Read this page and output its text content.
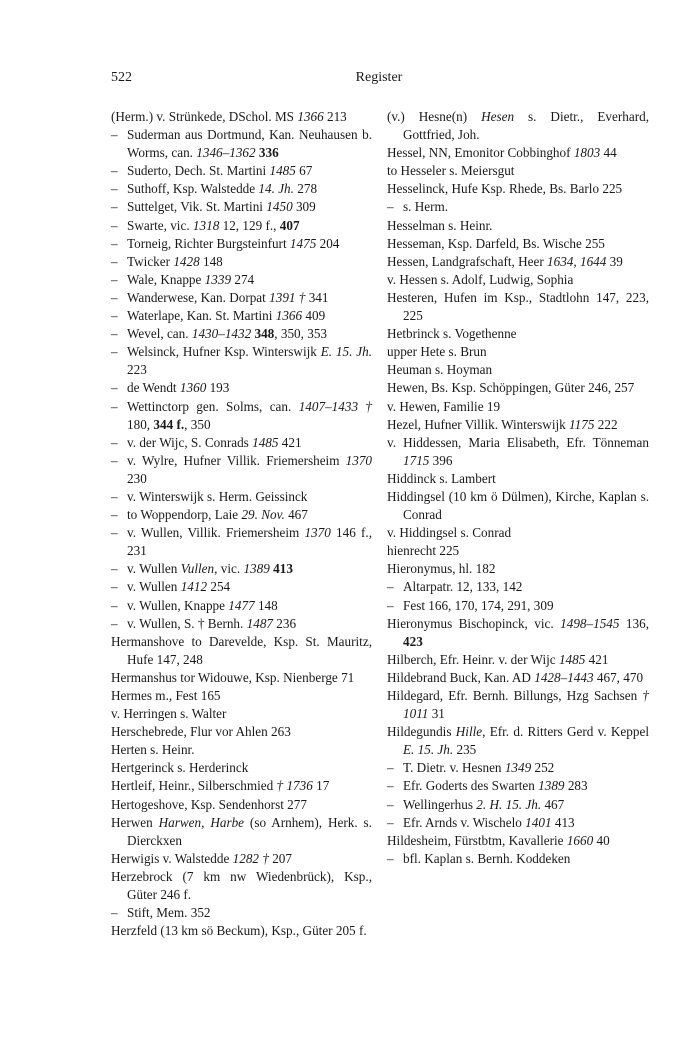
522	Register

(Herm.) v. Strünkede, DSchol. MS 1366 213

– Suderman aus Dortmund, Kan. Neuhausen b. Worms, can. 1346–1362 336

– Suderto, Dech. St. Martini 1485 67

– Suthoff, Ksp. Walstedde 14. Jh. 278

– Suttelget, Vik. St. Martini 1450 309

– Swarte, vic. 1318 12, 129 f., 407

– Torneig, Richter Burgsteinfurt 1475 204

– Twicker 1428 148

– Wale, Knappe 1339 274

– Wanderwese, Kan. Dorpat 1391 † 341

– Waterlape, Kan. St. Martini 1366 409

– Wevel, can. 1430–1432 348, 350, 353

– Welsinck, Hufner Ksp. Winterswijk E. 15. Jh. 223

– de Wendt 1360 193

– Wettinctorp gen. Solms, can. 1407–1433 † 180, 344 f., 350

– v. der Wijc, S. Conrads 1485 421

– v. Wylre, Hufner Villik. Friemersheim 1370 230

– v. Winterswijk s. Herm. Geissinck

– to Woppendorp, Laie 29. Nov. 467

– v. Wullen, Villik. Friemersheim 1370 146 f., 231

– v. Wullen Vullen, vic. 1389 413

– v. Wullen 1412 254

– v. Wullen, Knappe 1477 148

– v. Wullen, S. † Bernh. 1487 236

Hermanshove to Darevelde, Ksp. St. Mauritz, Hufe 147, 248

Hermanshus tor Widouwe, Ksp. Nienberge 71

Hermes m., Fest 165

v. Herringen s. Walter

Herschebrede, Flur vor Ahlen 263

Herten s. Heinr.

Hertgerinck s. Herderinck

Hertleif, Heinr., Silberschmied † 1736 17

Hertogeshove, Ksp. Sendenhorst 277

Herwen Harwen, Harbe (so Arnhem), Herk. s. Dierckxen

Herwigis v. Walstedde 1282 † 207

Herzebrock (7 km nw Wiedenbrück), Ksp., Güter 246 f.

– Stift, Mem. 352

Herzfeld (13 km sö Beckum), Ksp., Güter 205 f.

(v.) Hesne(n) Hesen s. Dietr., Everhard, Gottfried, Joh.

Hessel, NN, Emonitor Cobbinghof 1803 44

to Hesseler s. Meiersgut

Hesselinck, Hufe Ksp. Rhede, Bs. Barlo 225

– s. Herm.

Hesselman s. Heinr.

Hesseman, Ksp. Darfeld, Bs. Wische 255

Hessen, Landgrafschaft, Heer 1634, 1644 39

v. Hessen s. Adolf, Ludwig, Sophia

Hesteren, Hufen im Ksp., Stadtlohn 147, 223, 225

Hetbrinck s. Vogethenne

upper Hete s. Brun

Heuman s. Hoyman

Hewen, Bs. Ksp. Schöppingen, Güter 246, 257

v. Hewen, Familie 19

Hezel, Hufner Villik. Winterswijk 1175 222

v. Hiddessen, Maria Elisabeth, Efr. Tönneman 1715 396

Hiddinck s. Lambert

Hiddingsel (10 km ö Dülmen), Kirche, Kaplan s. Conrad

v. Hiddingsel s. Conrad

hienrecht 225

Hieronymus, hl. 182

– Altarpatr. 12, 133, 142

– Fest 166, 170, 174, 291, 309

Hieronymus Bischopinck, vic. 1498–1545 136, 423

Hilberch, Efr. Heinr. v. der Wijc 1485 421

Hildebrand Buck, Kan. AD 1428–1443 467, 470

Hildegard, Efr. Bernh. Billungs, Hzg Sachsen † 1011 31

Hildegundis Hille, Efr. d. Ritters Gerd v. Keppel E. 15. Jh. 235

– T. Dietr. v. Hesnen 1349 252

– Efr. Goderts des Swarten 1389 283

– Wellingerhus 2. H. 15. Jh. 467

– Efr. Arnds v. Wischelo 1401 413

Hildesheim, Fürstbtm, Kavallerie 1660 40

– bfl. Kaplan s. Bernh. Koddeken
